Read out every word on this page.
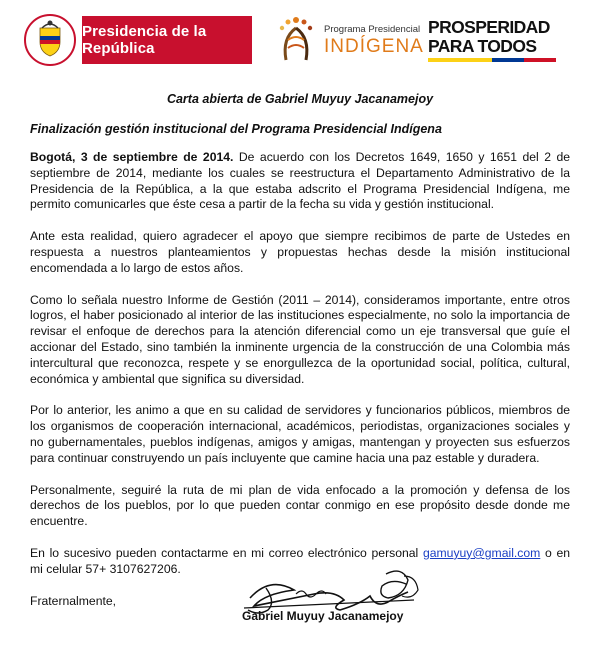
Presidencia de la República
Programa Presidencial
INDÍGENA
PROSPERIDAD
PARA TODOS
Carta abierta de Gabriel Muyuy Jacanamejoy
Finalización gestión institucional del Programa Presidencial Indígena

Bogotá, 3 de septiembre de 2014. De acuerdo con los Decretos 1649, 1650 y 1651 del 2 de septiembre de 2014, mediante los cuales se reestructura el Departamento Administrativo de la Presidencia de la República, a la que estaba adscrito el Programa Presidencial Indígena, me permito comunicarles que éste cesa a partir de la fecha su vida y gestión institucional.

Ante esta realidad, quiero agradecer el apoyo que siempre recibimos de parte de Ustedes en respuesta a nuestros planteamientos y propuestas hechas desde la misión institucional encomendada a lo largo de estos años.

Como lo señala nuestro Informe de Gestión (2011 – 2014), consideramos importante, entre otros logros, el haber posicionado al interior de las instituciones especialmente, no solo la importancia de revisar el enfoque de derechos para la atención diferencial como un eje transversal que guíe el accionar del Estado, sino también la inminente urgencia de la construcción de una Colombia más intercultural que reconozca, respete y se enorgullezca de la oportunidad social, política, cultural, económica y ambiental que significa su diversidad.

Por lo anterior, les animo a que en su calidad de servidores y funcionarios públicos, miembros de los organismos de cooperación internacional, académicos, periodistas, organizaciones sociales y no gubernamentales, pueblos indígenas, amigos y amigas, mantengan y proyecten sus esfuerzos para continuar construyendo un país incluyente que camine hacia una paz estable y duradera.

Personalmente, seguiré la ruta de mi plan de vida enfocado a la promoción y defensa de los derechos de los pueblos, por lo que pueden contar conmigo en ese propósito desde donde me encuentre.

En lo sucesivo pueden contactarme en mi correo electrónico personal gamuyuy@gmail.com o en mi celular 57+ 3107627206.

Fraternalmente,
Gabriel Muyuy Jacanamejoy
